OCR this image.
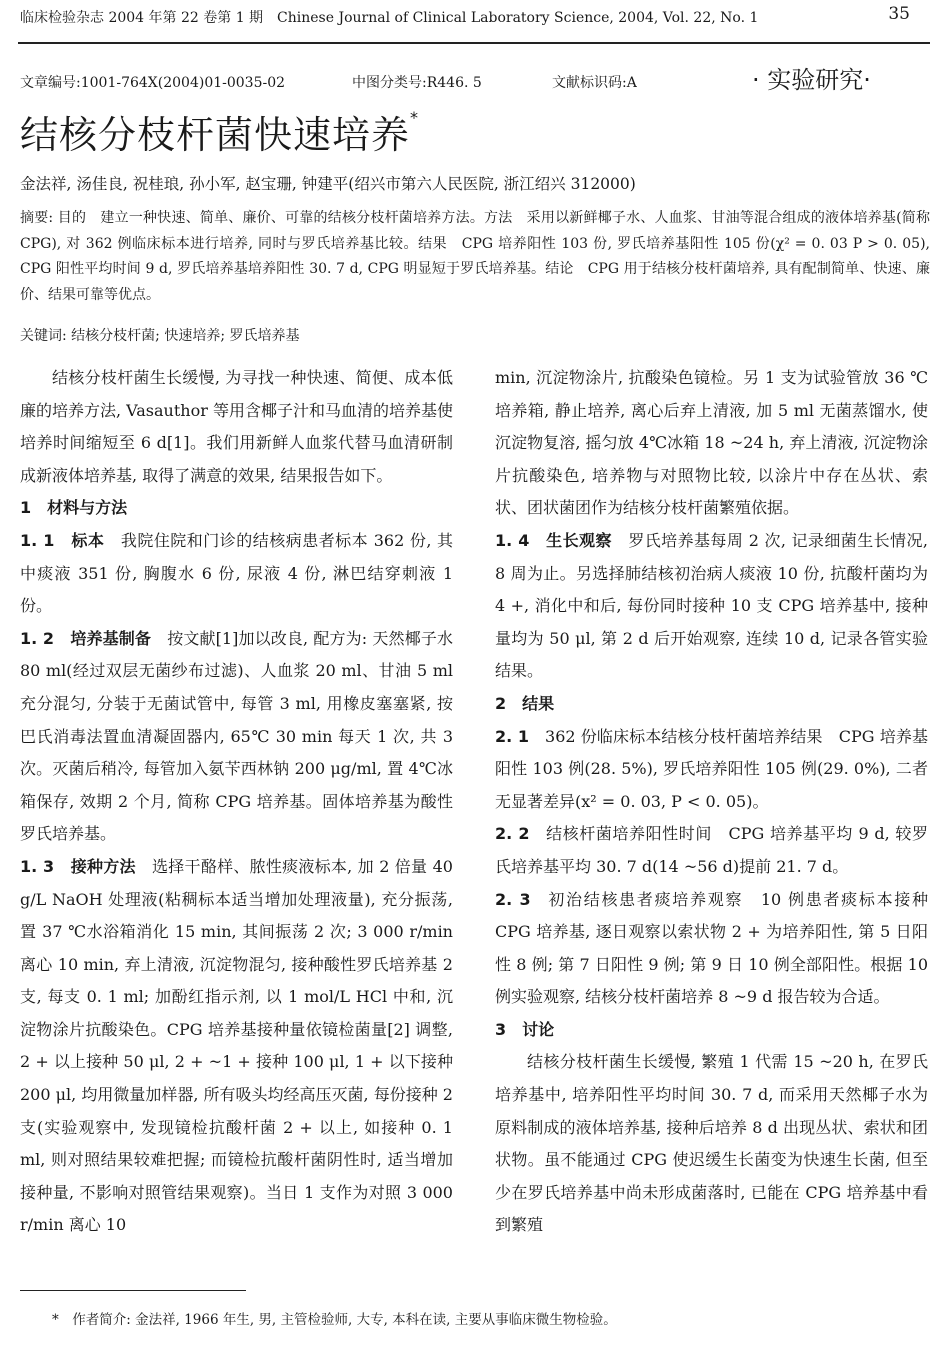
临床检验杂志 2004 年第 22 卷第 1 期　Chinese Journal of Clinical Laboratory Science, 2004, Vol. 22, No. 1	35
文章编号:1001-764X(2004)01-0035-02	中图分类号:R446. 5	文献标识码:A	· 实验研究·
结核分枝杆菌快速培养*
金法祥, 汤佳良, 祝桂琅, 孙小军, 赵宝珊, 钟建平(绍兴市第六人民医院, 浙江绍兴 312000)
摘要: 目的　建立一种快速、简单、廉价、可靠的结核分枝杆菌培养方法。方法　采用以新鲜椰子水、人血浆、甘油等混合组成的液体培养基(简称 CPG), 对 362 例临床标本进行培养, 同时与罗氏培养基比较。结果　CPG 培养阳性 103 份, 罗氏培养基阳性 105 份(χ² = 0. 03 P > 0. 05), CPG 阳性平均时间 9 d, 罗氏培养基培养阳性 30. 7 d, CPG 明显短于罗氏培养基。结论　CPG 用于结核分枝杆菌培养, 具有配制简单、快速、廉价、结果可靠等优点。
关键词: 结核分枝杆菌; 快速培养; 罗氏培养基

结核分枝杆菌生长缓慢, 为寻找一种快速、简便、成本低廉的培养方法, Vasauthor 等用含椰子汁和马血清的培养基使培养时间缩短至 6 d[1]。我们用新鲜人血浆代替马血清研制成新液体培养基, 取得了满意的效果, 结果报告如下。

1　材料与方法

1. 1　标本 我院住院和门诊的结核病患者标本 362 份, 其中痰液 351 份, 胸腹水 6 份, 尿液 4 份, 淋巴结穿刺液 1 份。

1. 2　培养基制备 按文献[1]加以改良, 配方为: 天然椰子水 80 ml(经过双层无菌纱布过滤)、人血浆 20 ml、甘油 5 ml 充分混匀, 分装于无菌试管中, 每管 3 ml, 用橡皮塞塞紧, 按巴氏消毒法置血清凝固器内, 65℃ 30 min 每天 1 次, 共 3 次。灭菌后稍冷, 每管加入氨苄西林钠 200 μg/ml, 置 4℃冰箱保存, 效期 2 个月, 简称 CPG 培养基。固体培养基为酸性罗氏培养基。

1. 3　接种方法 选择干酪样、脓性痰液标本, 加 2 倍量 40 g/L NaOH 处理液(粘稠标本适当增加处理液量), 充分振荡, 置 37 ℃水浴箱消化 15 min, 其间振荡 2 次; 3 000 r/min 离心 10 min, 弃上清液, 沉淀物混匀, 接种酸性罗氏培养基 2 支, 每支 0. 1 ml; 加酚红指示剂, 以 1 mol/L HCl 中和, 沉淀物涂片抗酸染色。CPG 培养基接种量依镜检菌量[2] 调整, 2 + 以上接种 50 μl, 2 + ~1 + 接种 100 μl, 1 + 以下接种 200 μl, 均用微量加样器, 所有吸头均经高压灭菌, 每份接种 2 支(实验观察中, 发现镜检抗酸杆菌 2 + 以上, 如接种 0. 1 ml, 则对照结果较难把握; 而镜检抗酸杆菌阴性时, 适当增加接种量, 不影响对照管结果观察)。当日 1 支作为对照 3 000 r/min 离心 10

min, 沉淀物涂片, 抗酸染色镜检。另 1 支为试验管放 36 ℃培养箱, 静止培养, 离心后弃上清液, 加 5 ml 无菌蒸馏水, 使沉淀物复溶, 摇匀放 4℃冰箱 18 ~24 h, 弃上清液, 沉淀物涂片抗酸染色, 培养物与对照物比较, 以涂片中存在丛状、索状、团状菌团作为结核分枝杆菌繁殖依据。

1. 4　生长观察 罗氏培养基每周 2 次, 记录细菌生长情况, 8 周为止。另选择肺结核初治病人痰液 10 份, 抗酸杆菌均为 4 +, 消化中和后, 每份同时接种 10 支 CPG 培养基中, 接种量均为 50 μl, 第 2 d 后开始观察, 连续 10 d, 记录各管实验结果。

2　结果

2. 1 362 份临床标本结核分枝杆菌培养结果　CPG 培养基阳性 103 例(28. 5%), 罗氏培养阳性 105 例(29. 0%), 二者无显著差异(x² = 0. 03, P < 0. 05)。

2. 2 结核杆菌培养阳性时间　CPG 培养基平均 9 d, 较罗氏培养基平均 30. 7 d(14 ~56 d)提前 21. 7 d。

2. 3 初治结核患者痰培养观察　10 例患者痰标本接种 CPG 培养基, 逐日观察以索状物 2 + 为培养阳性, 第 5 日阳性 8 例; 第 7 日阳性 9 例; 第 9 日 10 例全部阳性。根据 10 例实验观察, 结核分枝杆菌培养 8 ~9 d 报告较为合适。

3　讨论

结核分枝杆菌生长缓慢, 繁殖 1 代需 15 ~20 h, 在罗氏培养基中, 培养阳性平均时间 30. 7 d, 而采用天然椰子水为原料制成的液体培养基, 接种后培养 8 d 出现丛状、索状和团状物。虽不能通过 CPG 使迟缓生长菌变为快速生长菌, 但至少在罗氏培养基中尚未形成菌落时, 已能在 CPG 培养基中看到繁殖

*　作者简介: 金法祥, 1966 年生, 男, 主管检验师, 大专, 本科在读, 主要从事临床微生物检验。
